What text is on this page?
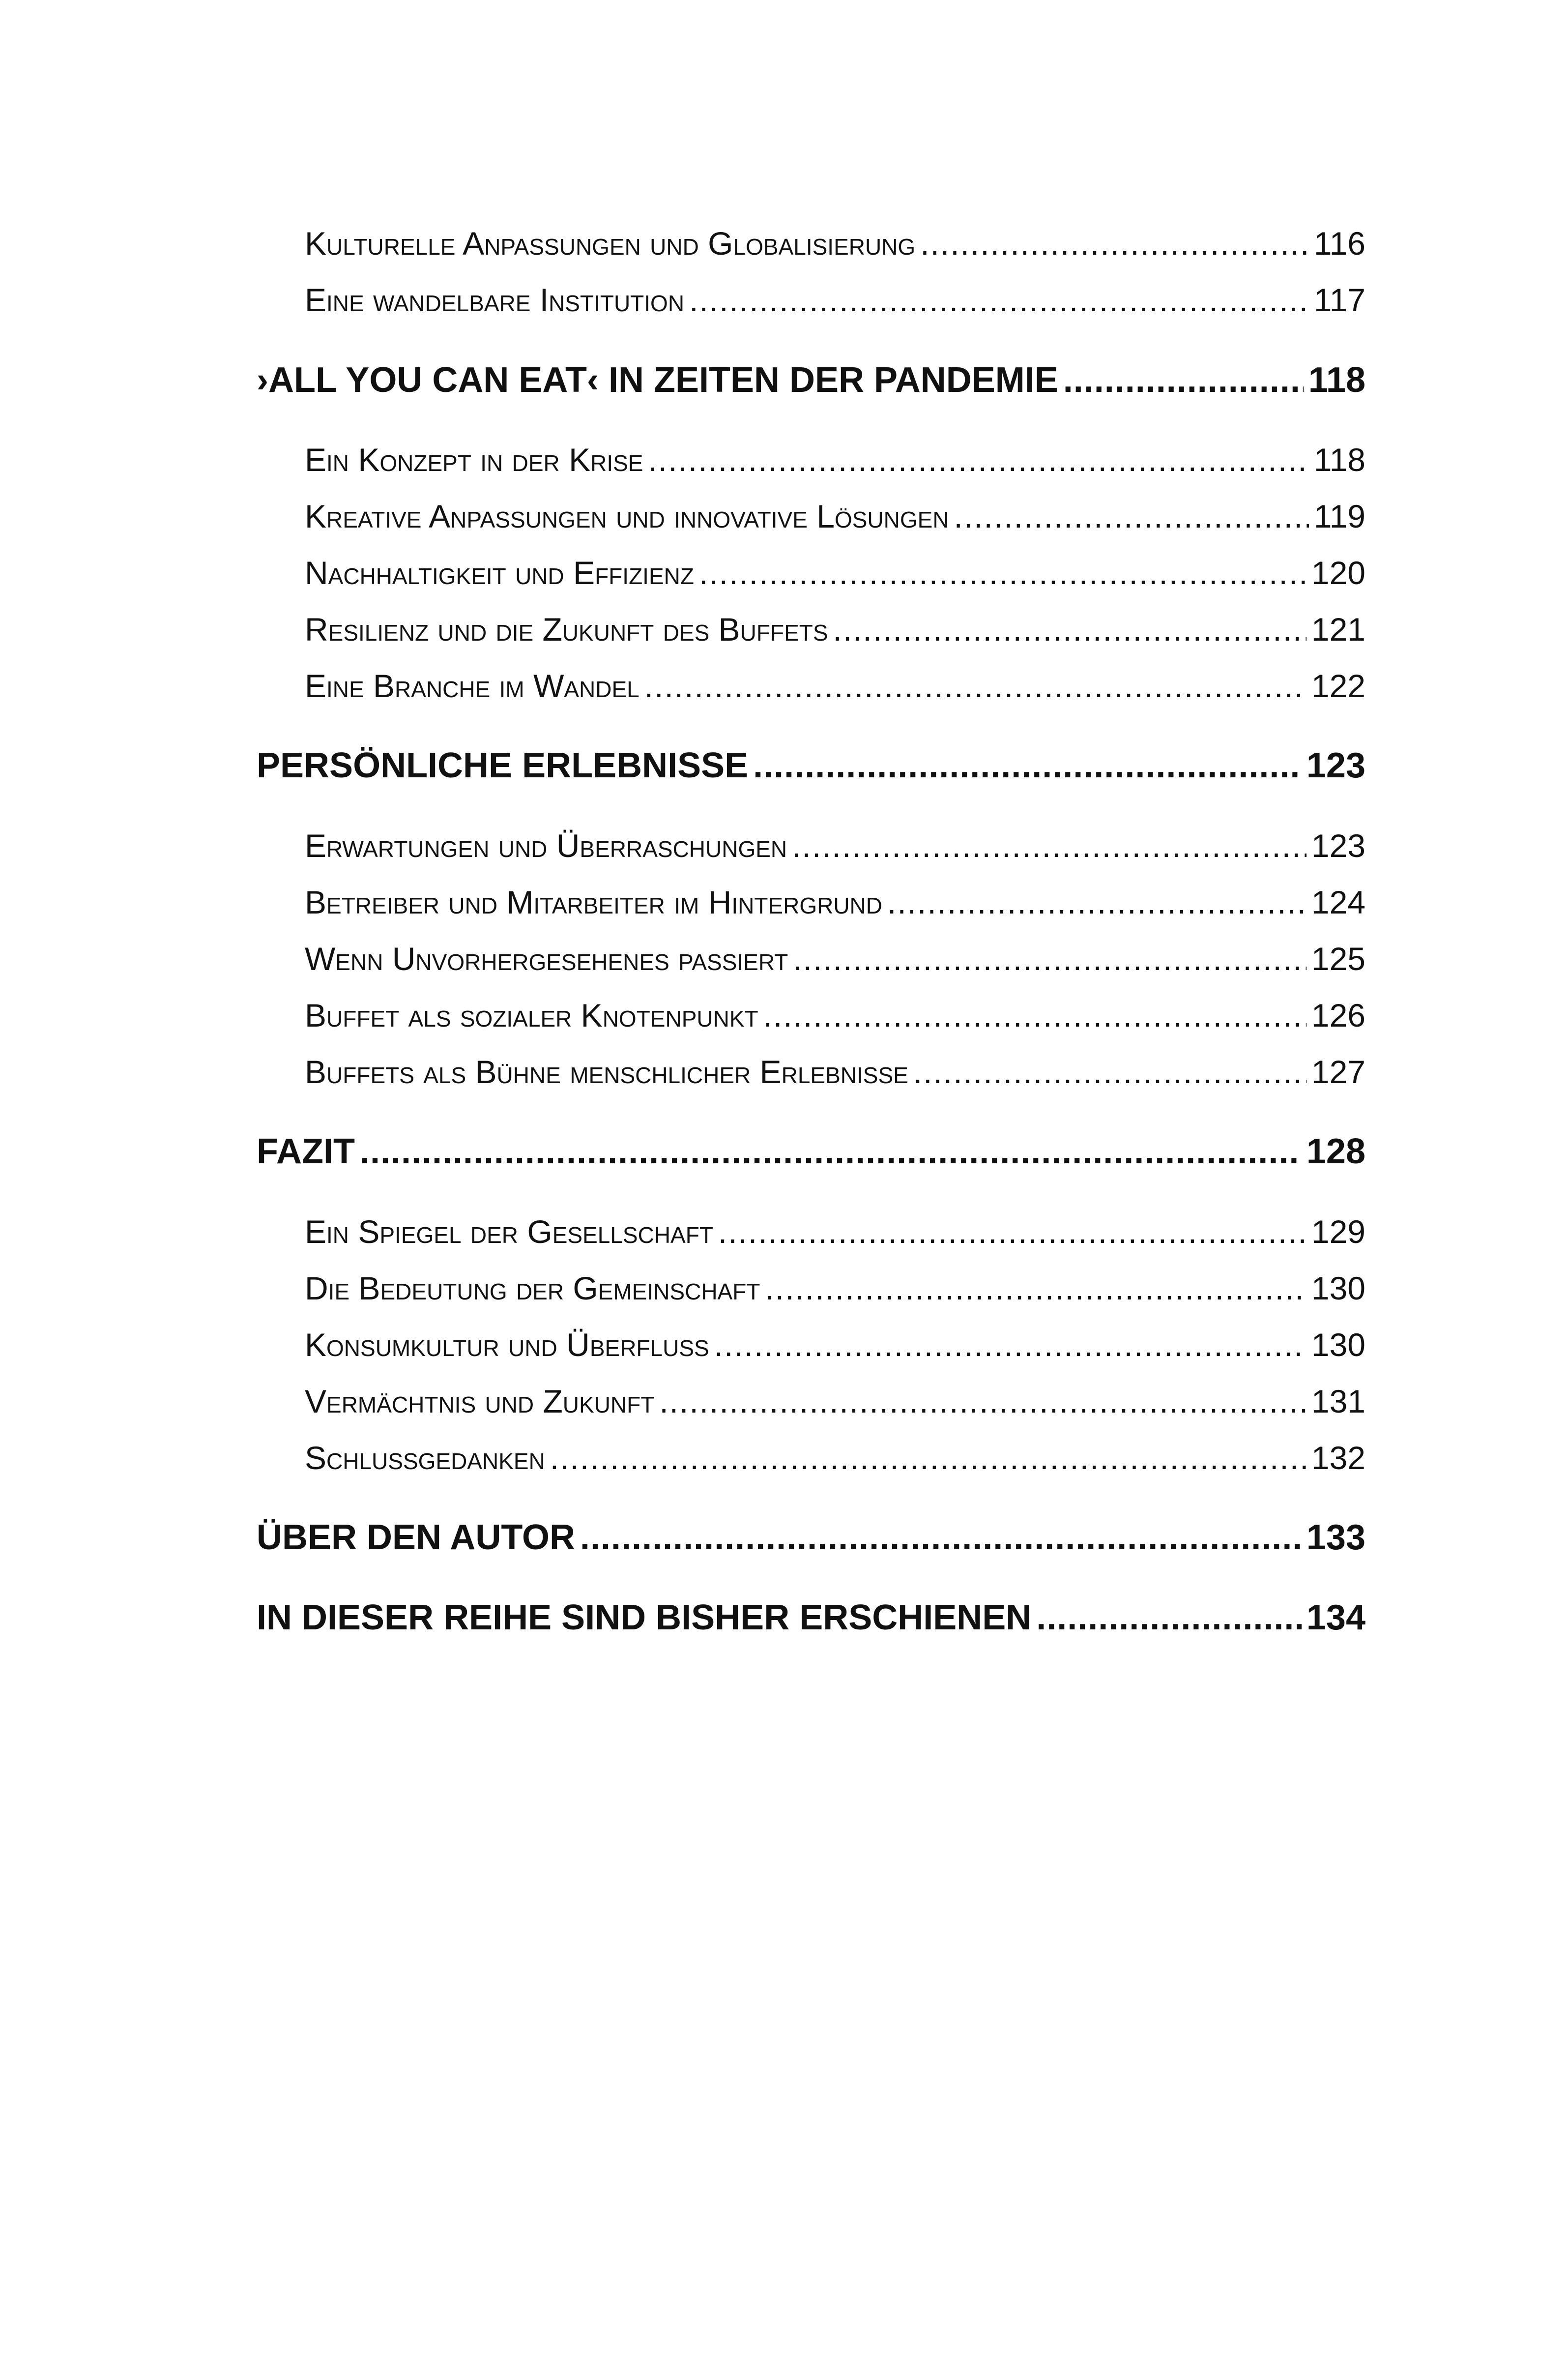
Kulturelle Anpassungen und Globalisierung .....	116
Eine wandelbare Institution .....	117
›ALL YOU CAN EAT‹ IN ZEITEN DER PANDEMIE .....	118
Ein Konzept in der Krise .....	118
Kreative Anpassungen und innovative Lösungen .....	119
Nachhaltigkeit und Effizienz .....	120
Resilienz und die Zukunft des Buffets .....	121
Eine Branche im Wandel .....	122
PERSÖNLICHE ERLEBNISSE .....	123
Erwartungen und Überraschungen .....	123
Betreiber und Mitarbeiter im Hintergrund .....	124
Wenn Unvorhergesehenes passiert .....	125
Buffet als sozialer Knotenpunkt .....	126
Buffets als Bühne menschlicher Erlebnisse .....	127
FAZIT .....	128
Ein Spiegel der Gesellschaft .....	129
Die Bedeutung der Gemeinschaft .....	130
Konsumkultur und Überfluss .....	130
Vermächtnis und Zukunft .....	131
Schlussgedanken .....	132
ÜBER DEN AUTOR .....	133
IN DIESER REIHE SIND BISHER ERSCHIENEN .....	134
